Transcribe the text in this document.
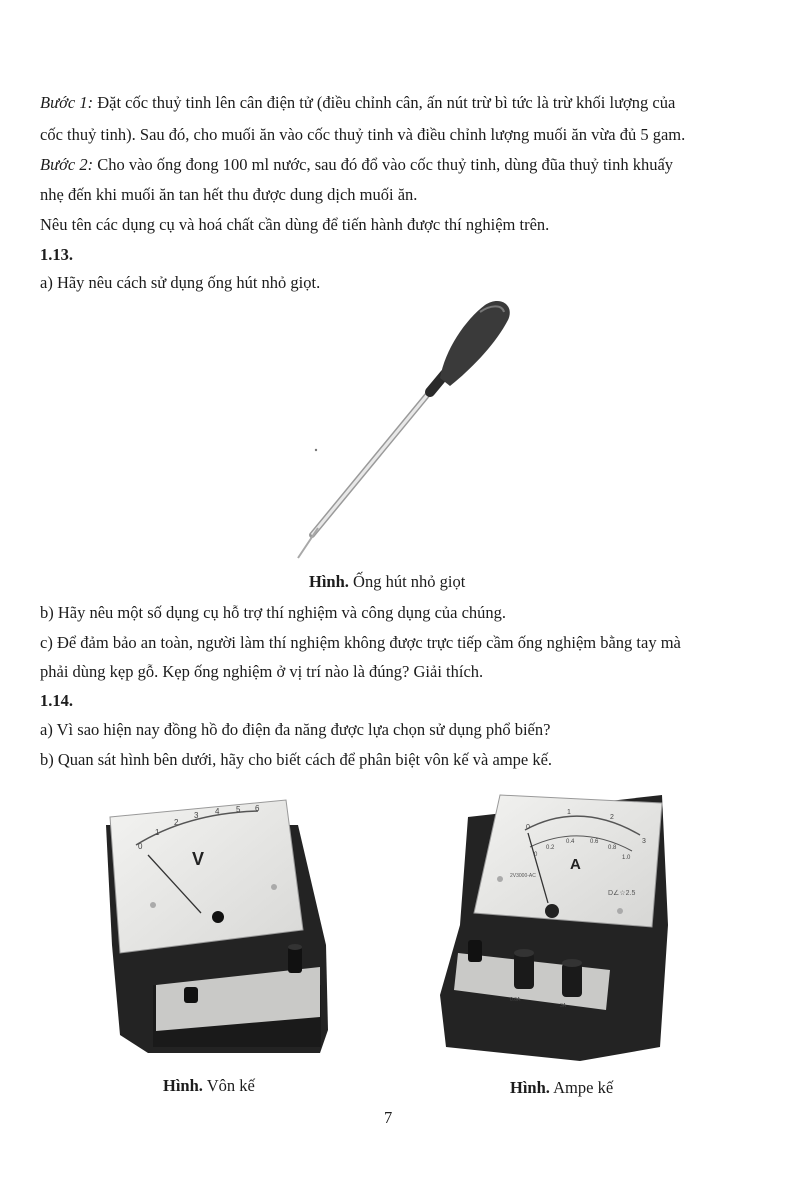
Bước 1: Đặt cốc thuỷ tinh lên cân điện tử (điều chỉnh cân, ấn nút trừ bì tức là trừ khối lượng của
cốc thuỷ tinh). Sau đó, cho muối ăn vào cốc thuỷ tinh và điều chỉnh lượng muối ăn vừa đủ 5 gam.
Bước 2: Cho vào ống đong 100 ml nước, sau đó đổ vào cốc thuỷ tinh, dùng đũa thuỷ tinh khuấy
nhẹ đến khi muối ăn tan hết thu được dung dịch muối ăn.
Nêu tên các dụng cụ và hoá chất cần dùng để tiến hành được thí nghiệm trên.
1.13.
a) Hãy nêu cách sử dụng ống hút nhỏ giọt.
Hình. Ống hút nhỏ giọt
b) Hãy nêu một số dụng cụ hỗ trợ thí nghiệm và công dụng của chúng.
c) Để đảm bảo an toàn, người làm thí nghiệm không được trực tiếp cầm ống nghiệm bằng tay mà
phải dùng kẹp gỗ. Kẹp ống nghiệm ở vị trí nào là đúng? Giải thích.
1.14.
a) Vì sao hiện nay đồng hồ đo điện đa năng được lựa chọn sử dụng phổ biến?
b) Quan sát hình bên dưới, hãy cho biết cách để phân biệt vôn kế và ampe kế.
0
1
2
3 4 5 6
V
Hình. Vôn kế
0
1
2
3
0
0.2
0.4	0.6
0.8
1.0
A
2V3000-AC
D∠☆2.5
0.6A
3A
Hình. Ampe kế
7
